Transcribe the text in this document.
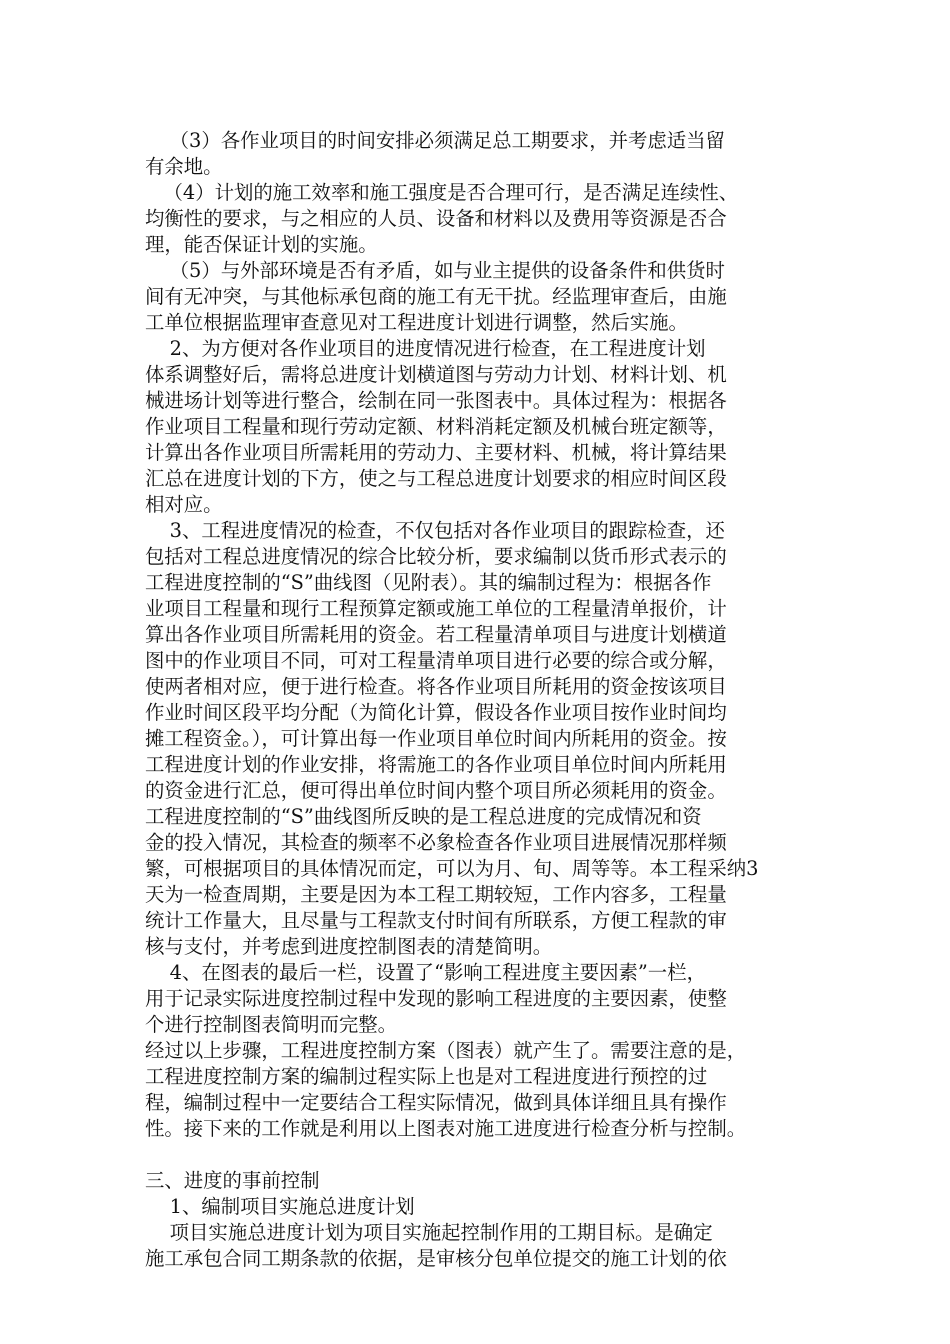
（3）各作业项目的时间安排必须满足总工期要求，并考虑适当留
有余地。
（4）计划的施工效率和施工强度是否合理可行，是否满足连续性、
均衡性的要求，与之相应的人员、设备和材料以及费用等资源是否合
理，能否保证计划的实施。
（5）与外部环境是否有矛盾，如与业主提供的设备条件和供货时
间有无冲突，与其他标承包商的施工有无干扰。经监理审查后，由施
工单位根据监理审查意见对工程进度计划进行调整，然后实施。
2、为方便对各作业项目的进度情况进行检查，在工程进度计划
体系调整好后，需将总进度计划横道图与劳动力计划、材料计划、机
械进场计划等进行整合，绘制在同一张图表中。具体过程为：根据各
作业项目工程量和现行劳动定额、材料消耗定额及机械台班定额等，
计算出各作业项目所需耗用的劳动力、主要材料、机械，将计算结果
汇总在进度计划的下方，使之与工程总进度计划要求的相应时间区段
相对应。
3、工程进度情况的检查，不仅包括对各作业项目的跟踪检查，还
包括对工程总进度情况的综合比较分析，要求编制以货币形式表示的
工程进度控制的“S”曲线图（见附表）。其的编制过程为：根据各作
业项目工程量和现行工程预算定额或施工单位的工程量清单报价，计
算出各作业项目所需耗用的资金。若工程量清单项目与进度计划横道
图中的作业项目不同，可对工程量清单项目进行必要的综合或分解，
使两者相对应，便于进行检查。将各作业项目所耗用的资金按该项目
作业时间区段平均分配（为简化计算，假设各作业项目按作业时间均
摊工程资金。），可计算出每一作业项目单位时间内所耗用的资金。按
工程进度计划的作业安排，将需施工的各作业项目单位时间内所耗用
的资金进行汇总，便可得出单位时间内整个项目所必须耗用的资金。
工程进度控制的“S”曲线图所反映的是工程总进度的完成情况和资
金的投入情况，其检查的频率不必象检查各作业项目进展情况那样频
繁，可根据项目的具体情况而定，可以为月、旬、周等等。本工程采纳3
天为一检查周期，主要是因为本工程工期较短，工作内容多，工程量
统计工作量大，且尽量与工程款支付时间有所联系，方便工程款的审
核与支付，并考虑到进度控制图表的清楚简明。
4、在图表的最后一栏，设置了“影响工程进度主要因素”一栏，
用于记录实际进度控制过程中发现的影响工程进度的主要因素，使整
个进行控制图表简明而完整。
经过以上步骤，工程进度控制方案（图表）就产生了。需要注意的是，
工程进度控制方案的编制过程实际上也是对工程进度进行预控的过
程，编制过程中一定要结合工程实际情况，做到具体详细且具有操作
性。接下来的工作就是利用以上图表对施工进度进行检查分析与控制。
三、进度的事前控制
1、编制项目实施总进度计划
项目实施总进度计划为项目实施起控制作用的工期目标。是确定
施工承包合同工期条款的依据，是审核分包单位提交的施工计划的依
